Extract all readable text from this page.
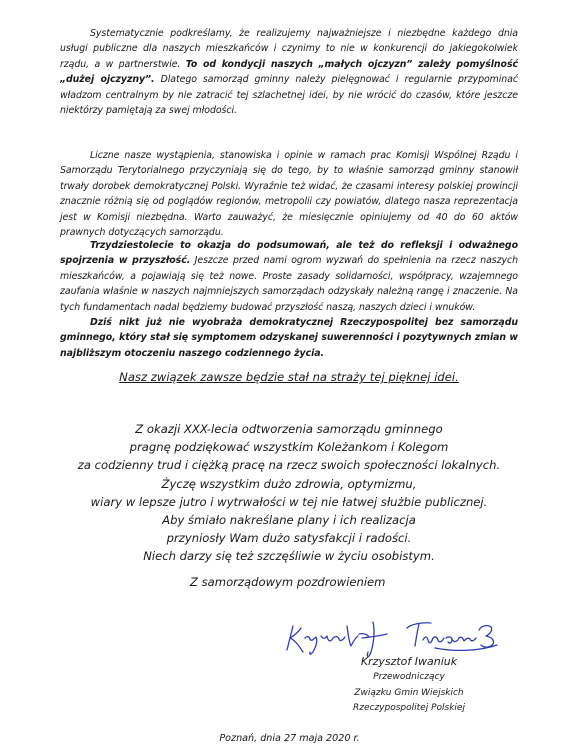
Systematycznie podkreślamy, że realizujemy najważniejsze i niezbędne każdego dnia usługi publiczne dla naszych mieszkańców i czynimy to nie w konkurencji do jakiegokolwiek rządu, a w partnerstwie. To od kondycji naszych „małych ojczyzn” zależy pomyślność „dużej ojczyzny”. Dlatego samorząd gminny należy pielęgnować i regularnie przypominać władzom centralnym by nie zatracić tej szlachetnej idei, by nie wrócić do czasów, które jeszcze niektórzy pamiętają za swej młodości.

Liczne nasze wystąpienia, stanowiska i opinie w ramach prac Komisji Wspólnej Rządu i Samorządu Terytorialnego przyczyniają się do tego, by to właśnie samorząd gminny stanowił trwały dorobek demokratycznej Polski. Wyraźnie też widać, że czasami interesy polskiej prowincji znacznie różnią się od poglądów regionów, metropolii czy powiatów, dlatego nasza reprezentacja jest w Komisji niezbędna. Warto zauważyć, że miesięcznie opiniujemy od 40 do 60 aktów prawnych dotyczących samorządu.

Trzydziestolecie to okazja do podsumowań, ale też do refleksji i odważnego spojrzenia w przyszłość. Jeszcze przed nami ogrom wyzwań do spełnienia na rzecz naszych mieszkańców, a pojawiają się też nowe. Proste zasady solidarności, współpracy, wzajemnego zaufania właśnie w naszych najmniejszych samorządach odzyskały należną rangę i znaczenie. Na tych fundamentach nadal będziemy budować przyszłość naszą, naszych dzieci i wnuków.

Dziś nikt już nie wyobraża demokratycznej Rzeczypospolitej bez samorządu gminnego, który stał się symptomem odzyskanej suwerenności i pozytywnych zmian w najbliższym otoczeniu naszego codziennego życia.

Nasz związek zawsze będzie stał na straży tej pięknej idei.

Z okazji XXX-lecia odtworzenia samorządu gminnego
pragnę podziękować wszystkim Koleżankom i Kolegom
za codzienny trud i ciężką pracę na rzecz swoich społeczności lokalnych.
Życzę wszystkim dużo zdrowia, optymizmu,
wiary w lepsze jutro i wytrwałości w tej nie łatwej służbie publicznej.
Aby śmiało nakreślane plany i ich realizacja
przyniosły Wam dużo satysfakcji i radości.
Niech darzy się też szczęśliwie w życiu osobistym.

Z samorządowym pozdrowieniem

Krzysztof Iwaniuk
Przewodniczący
Związku Gmin Wiejskich
Rzeczypospolitej Polskiej

Poznań, dnia 27 maja 2020 r.
